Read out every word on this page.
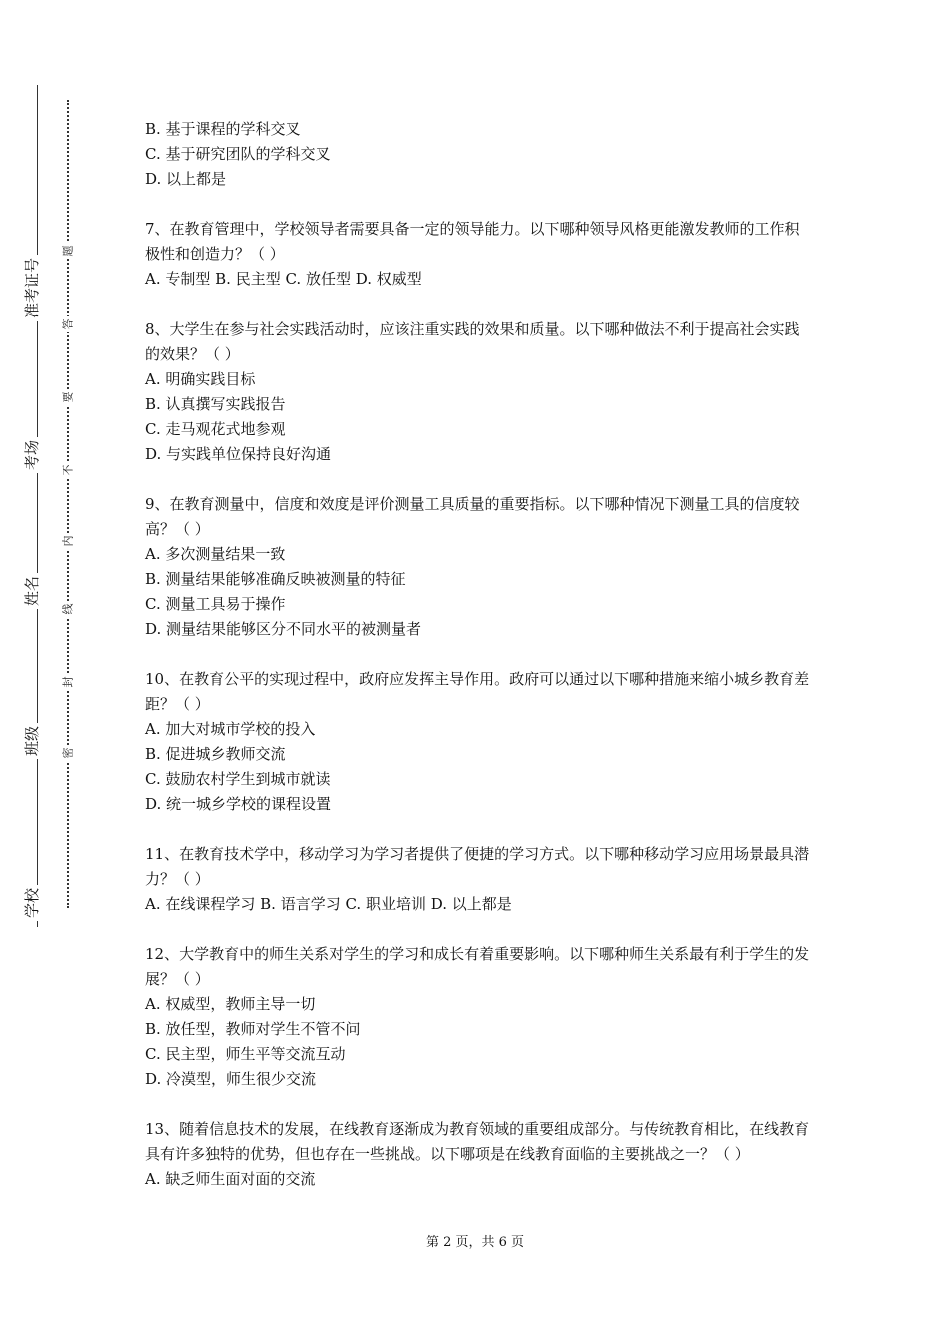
准考证号
考场
姓名
班级
学校
题
答
要
不
内
线
封
密

B. 基于课程的学科交叉

C. 基于研究团队的学科交叉

D. 以上都是

7、在教育管理中，学校领导者需要具备一定的领导能力。以下哪种领导风格更能激发教师的工作积极性和创造力？（ ）

A. 专制型 B. 民主型 C. 放任型 D. 权威型

8、大学生在参与社会实践活动时，应该注重实践的效果和质量。以下哪种做法不利于提高社会实践的效果？（ ）

A. 明确实践目标

B. 认真撰写实践报告

C. 走马观花式地参观

D. 与实践单位保持良好沟通

9、在教育测量中，信度和效度是评价测量工具质量的重要指标。以下哪种情况下测量工具的信度较高？（ ）

A. 多次测量结果一致

B. 测量结果能够准确反映被测量的特征

C. 测量工具易于操作

D. 测量结果能够区分不同水平的被测量者

10、在教育公平的实现过程中，政府应发挥主导作用。政府可以通过以下哪种措施来缩小城乡教育差距？（ ）

A. 加大对城市学校的投入

B. 促进城乡教师交流

C. 鼓励农村学生到城市就读

D. 统一城乡学校的课程设置

11、在教育技术学中，移动学习为学习者提供了便捷的学习方式。以下哪种移动学习应用场景最具潜力？（ ）

A. 在线课程学习 B. 语言学习 C. 职业培训 D. 以上都是

12、大学教育中的师生关系对学生的学习和成长有着重要影响。以下哪种师生关系最有利于学生的发展？（ ）

A. 权威型，教师主导一切

B. 放任型，教师对学生不管不问

C. 民主型，师生平等交流互动

D. 冷漠型，师生很少交流

13、随着信息技术的发展，在线教育逐渐成为教育领域的重要组成部分。与传统教育相比，在线教育具有许多独特的优势，但也存在一些挑战。以下哪项是在线教育面临的主要挑战之一？（ ）

A. 缺乏师生面对面的交流

第 2 页，共 6 页
